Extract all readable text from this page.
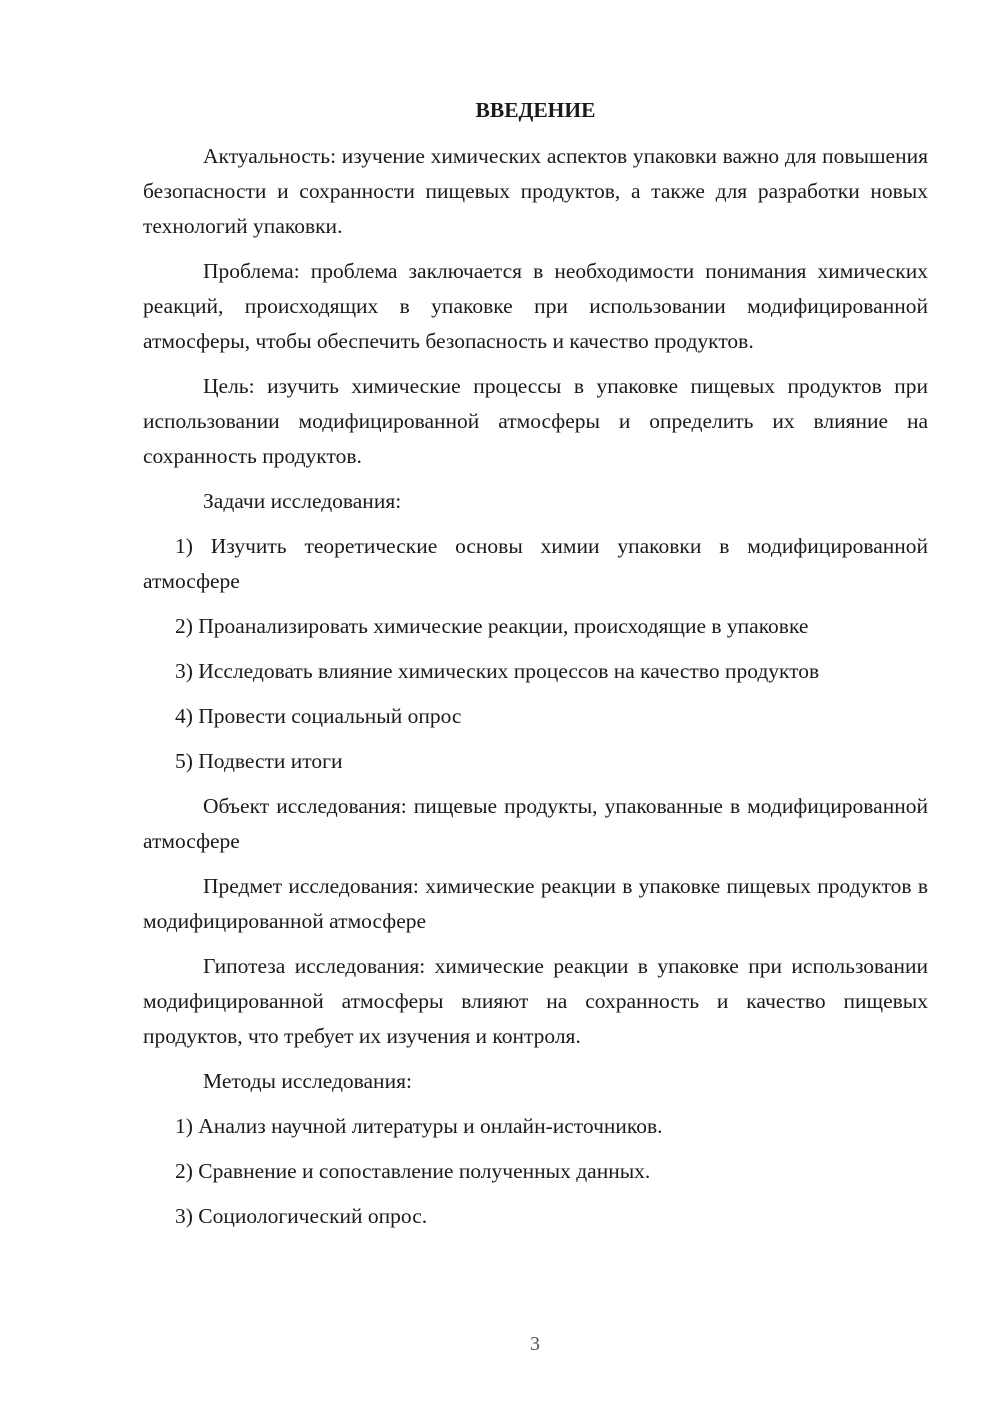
ВВЕДЕНИЕ

Актуальность: изучение химических аспектов упаковки важно для повышения безопасности и сохранности пищевых продуктов, а также для разработки новых технологий упаковки.

Проблема: проблема заключается в необходимости понимания химических реакций, происходящих в упаковке при использовании модифицированной атмосферы, чтобы обеспечить безопасность и качество продуктов.

Цель: изучить химические процессы в упаковке пищевых продуктов при использовании модифицированной атмосферы и определить их влияние на сохранность продуктов.

Задачи исследования:

1) Изучить теоретические основы химии упаковки в модифицированной атмосфере

2) Проанализировать химические реакции, происходящие в упаковке

3) Исследовать влияние химических процессов на качество продуктов

4) Провести социальный опрос

5) Подвести итоги

Объект исследования: пищевые продукты, упакованные в модифицированной атмосфере

Предмет исследования: химические реакции в упаковке пищевых продуктов в модифицированной атмосфере

Гипотеза исследования: химические реакции в упаковке при использовании модифицированной атмосферы влияют на сохранность и качество пищевых продуктов, что требует их изучения и контроля.

Методы исследования:

1) Анализ научной литературы и онлайн-источников.

2) Сравнение и сопоставление полученных данных.

3) Социологический опрос.

3
